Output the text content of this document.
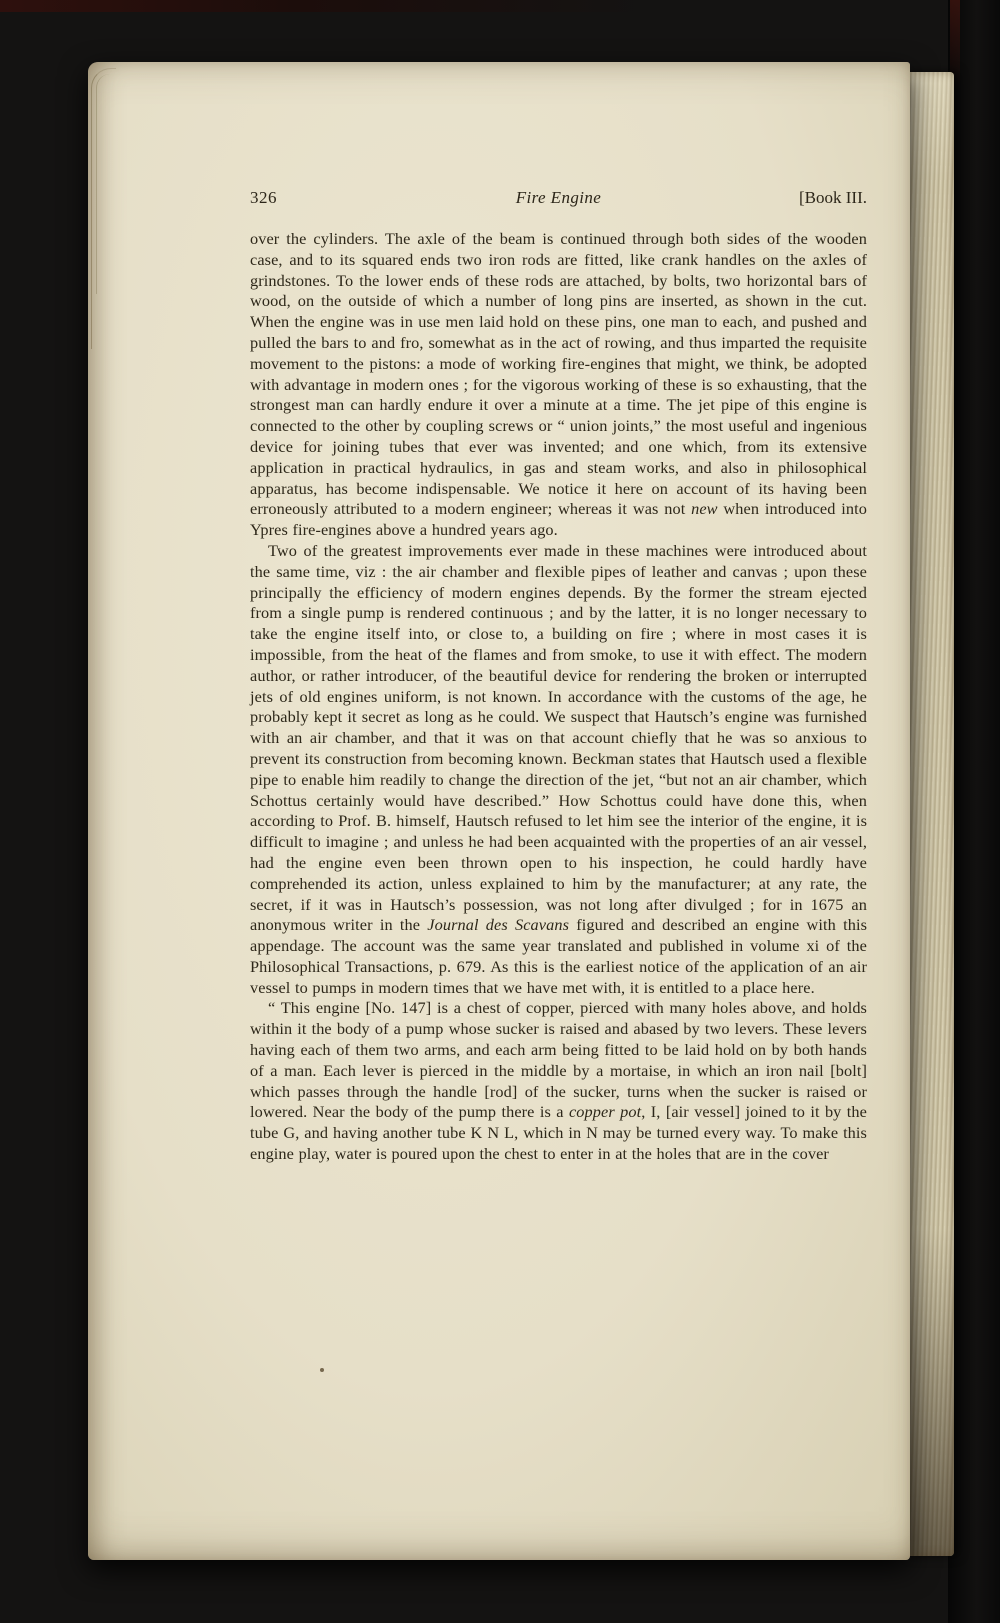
326	Fire Engine	[Book III.

over the cylinders. The axle of the beam is continued through both sides of the wooden case, and to its squared ends two iron rods are fitted, like crank handles on the axles of grindstones. To the lower ends of these rods are attached, by bolts, two horizontal bars of wood, on the outside of which a number of long pins are inserted, as shown in the cut. When the engine was in use men laid hold on these pins, one man to each, and pushed and pulled the bars to and fro, somewhat as in the act of rowing, and thus imparted the requisite movement to the pistons: a mode of working fire-engines that might, we think, be adopted with advantage in modern ones ; for the vigorous working of these is so exhausting, that the strongest man can hardly endure it over a minute at a time. The jet pipe of this engine is connected to the other by coupling screws or “ union joints,” the most useful and ingenious device for joining tubes that ever was invented; and one which, from its extensive application in practical hydraulics, in gas and steam works, and also in philosophical apparatus, has become indispensable. We notice it here on account of its having been erroneously attributed to a modern engineer; whereas it was not new when introduced into Ypres fire-engines above a hundred years ago.

Two of the greatest improvements ever made in these machines were introduced about the same time, viz : the air chamber and flexible pipes of leather and canvas ; upon these principally the efficiency of modern engines depends. By the former the stream ejected from a single pump is rendered continuous ; and by the latter, it is no longer necessary to take the engine itself into, or close to, a building on fire ; where in most cases it is impossible, from the heat of the flames and from smoke, to use it with effect. The modern author, or rather introducer, of the beautiful device for rendering the broken or interrupted jets of old engines uniform, is not known. In accordance with the customs of the age, he probably kept it secret as long as he could. We suspect that Hautsch’s engine was furnished with an air chamber, and that it was on that account chiefly that he was so anxious to prevent its construction from becoming known. Beckman states that Hautsch used a flexible pipe to enable him readily to change the direction of the jet, “but not an air chamber, which Schottus certainly would have described.” How Schottus could have done this, when according to Prof. B. himself, Hautsch refused to let him see the interior of the engine, it is difficult to imagine ; and unless he had been acquainted with the properties of an air vessel, had the engine even been thrown open to his inspection, he could hardly have comprehended its action, unless explained to him by the manufacturer; at any rate, the secret, if it was in Hautsch’s possession, was not long after divulged ; for in 1675 an anonymous writer in the Journal des Scavans figured and described an engine with this appendage. The account was the same year translated and published in volume xi of the Philosophical Transactions, p. 679. As this is the earliest notice of the application of an air vessel to pumps in modern times that we have met with, it is entitled to a place here.

“ This engine [No. 147] is a chest of copper, pierced with many holes above, and holds within it the body of a pump whose sucker is raised and abased by two levers. These levers having each of them two arms, and each arm being fitted to be laid hold on by both hands of a man. Each lever is pierced in the middle by a mortaise, in which an iron nail [bolt] which passes through the handle [rod] of the sucker, turns when the sucker is raised or lowered. Near the body of the pump there is a copper pot, I, [air vessel] joined to it by the tube G, and having another tube K N L, which in N may be turned every way. To make this engine play, water is poured upon the chest to enter in at the holes that are in the cover
